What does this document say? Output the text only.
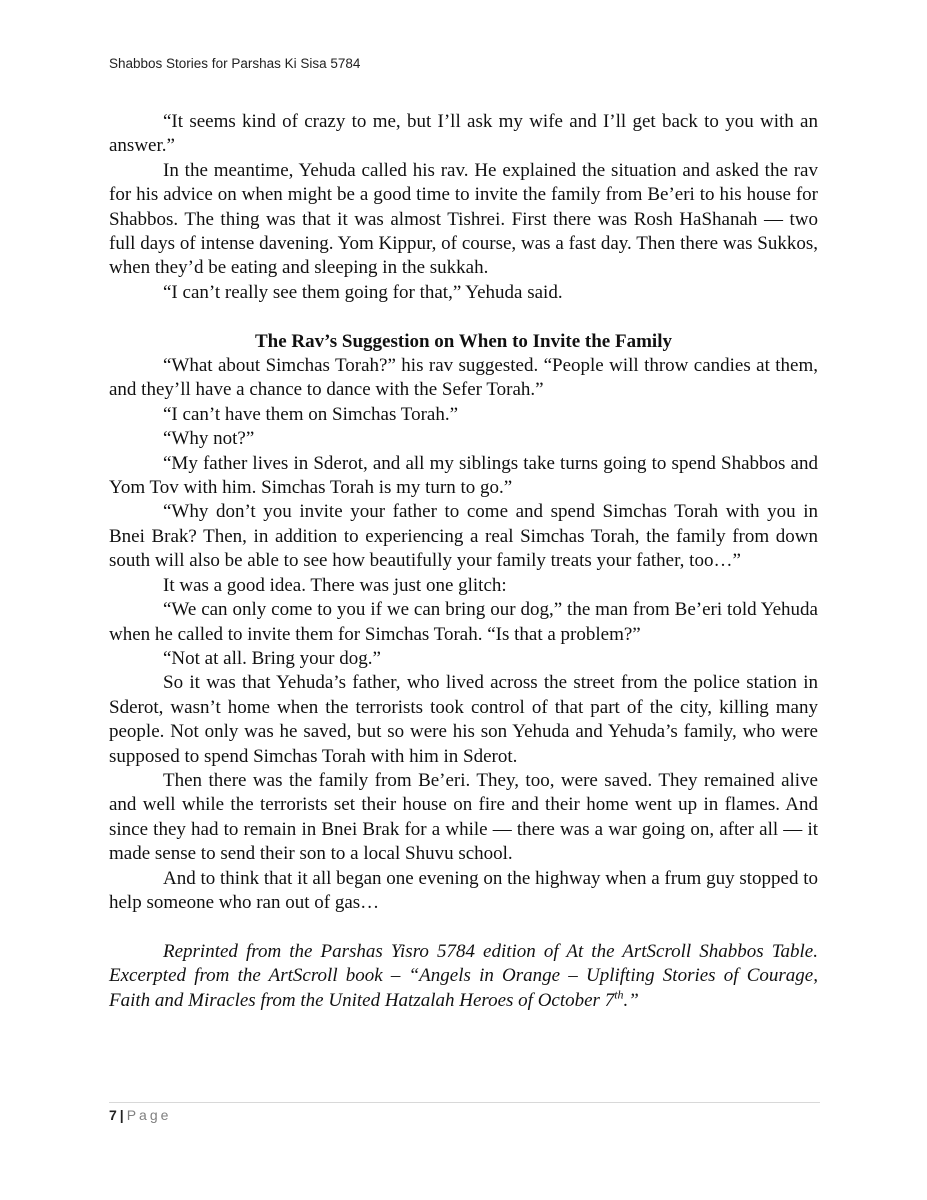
Shabbos Stories for Parshas Ki Sisa 5784

“It seems kind of crazy to me, but I’ll ask my wife and I’ll get back to you with an answer.”

In the meantime, Yehuda called his rav. He explained the situation and asked the rav for his advice on when might be a good time to invite the family from Be’eri to his house for Shabbos. The thing was that it was almost Tishrei. First there was Rosh HaShanah — two full days of intense davening. Yom Kippur, of course, was a fast day. Then there was Sukkos, when they’d be eating and sleeping in the sukkah.

“I can’t really see them going for that,” Yehuda said.

The Rav’s Suggestion on When to Invite the Family

“What about Simchas Torah?” his rav suggested. “People will throw candies at them, and they’ll have a chance to dance with the Sefer Torah.”

“I can’t have them on Simchas Torah.”

“Why not?”

“My father lives in Sderot, and all my siblings take turns going to spend Shabbos and Yom Tov with him. Simchas Torah is my turn to go.”

“Why don’t you invite your father to come and spend Simchas Torah with you in Bnei Brak? Then, in addition to experiencing a real Simchas Torah, the family from down south will also be able to see how beautifully your family treats your father, too…”

It was a good idea. There was just one glitch:

“We can only come to you if we can bring our dog,” the man from Be’eri told Yehuda when he called to invite them for Simchas Torah. “Is that a problem?”

“Not at all. Bring your dog.”

So it was that Yehuda’s father, who lived across the street from the police station in Sderot, wasn’t home when the terrorists took control of that part of the city, killing many people. Not only was he saved, but so were his son Yehuda and Yehuda’s family, who were supposed to spend Simchas Torah with him in Sderot.

Then there was the family from Be’eri. They, too, were saved. They remained alive and well while the terrorists set their house on fire and their home went up in flames. And since they had to remain in Bnei Brak for a while — there was a war going on, after all — it made sense to send their son to a local Shuvu school.

And to think that it all began one evening on the highway when a frum guy stopped to help someone who ran out of gas…

Reprinted from the Parshas Yisro 5784 edition of At the ArtScroll Shabbos Table. Excerpted from the ArtScroll book – “Angels in Orange – Uplifting Stories of Courage, Faith and Miracles from the United Hatzalah Heroes of October 7th.”

7 | Page
